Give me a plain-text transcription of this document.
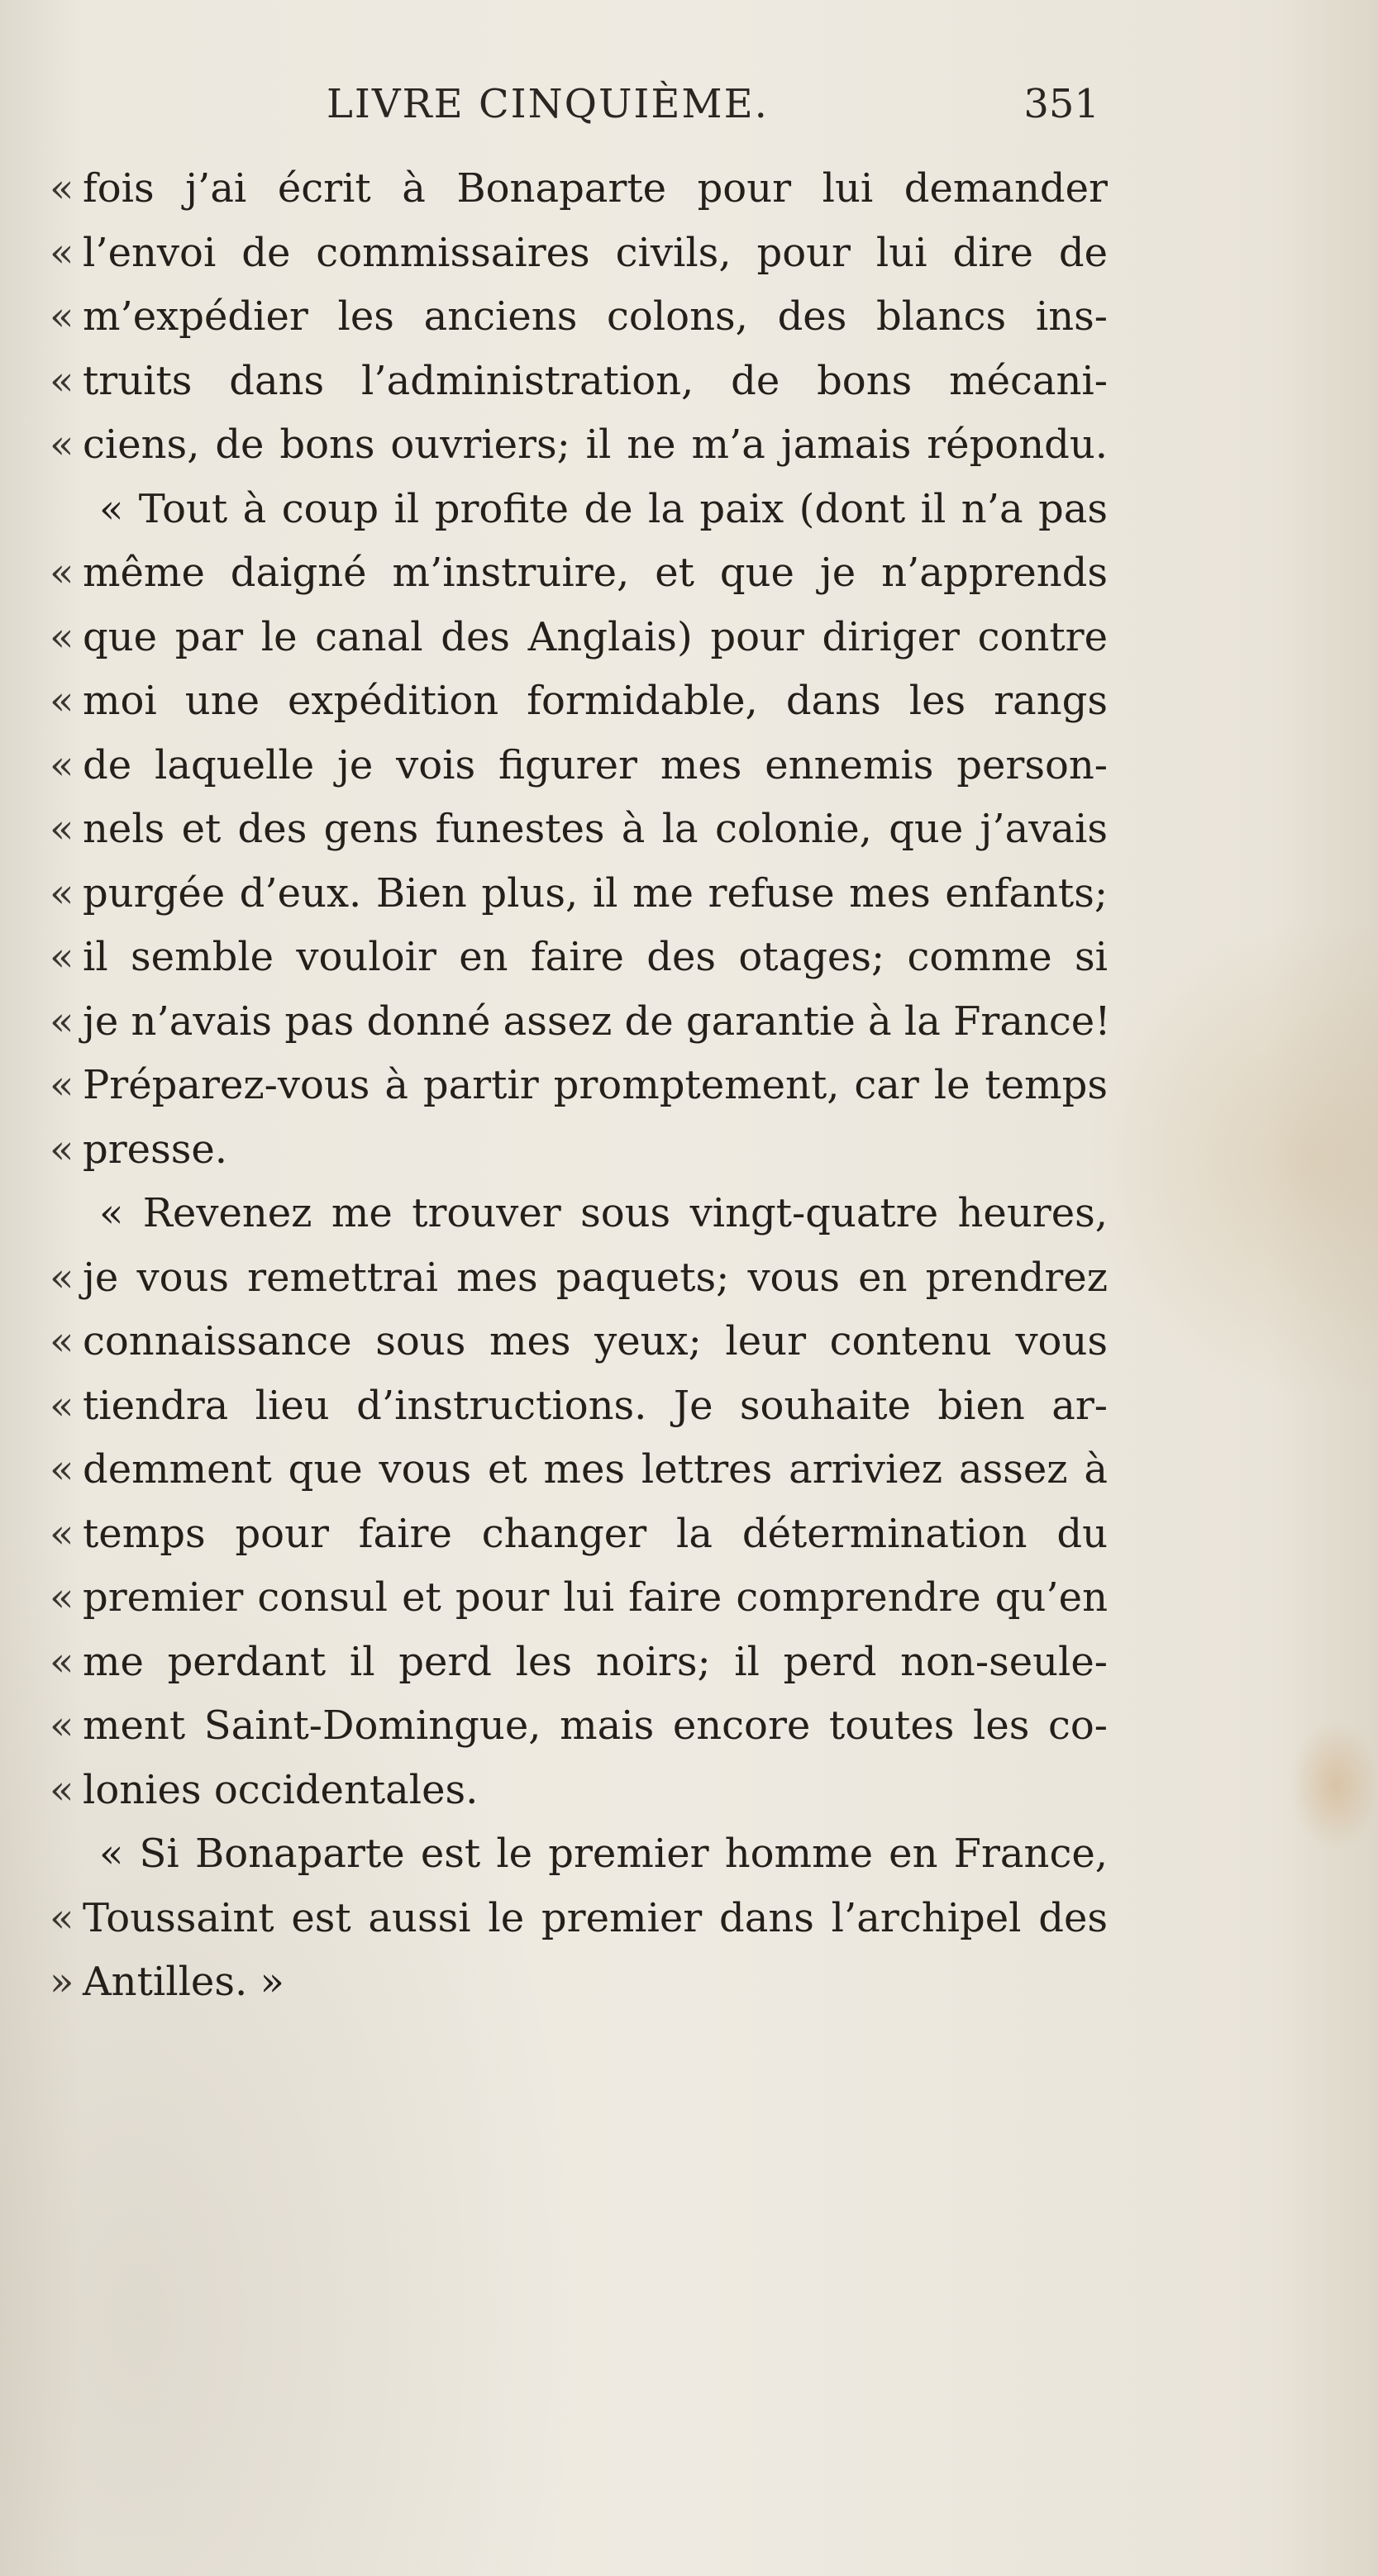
LIVRE CINQUIÈME.	351
« fois j’ai écrit à Bonaparte pour lui demander
« l’envoi de commissaires civils, pour lui dire de
« m’expédier les anciens colons, des blancs ins-
« truits dans l’administration, de bons mécani-
« ciens, de bons ouvriers; il ne m’a jamais répondu.
« Tout à coup il profite de la paix (dont il n’a pas
« même daigné m’instruire, et que je n’apprends
« que par le canal des Anglais) pour diriger contre
« moi une expédition formidable, dans les rangs
« de laquelle je vois figurer mes ennemis person-
« nels et des gens funestes à la colonie, que j’avais
« purgée d’eux. Bien plus, il me refuse mes enfants;
« il semble vouloir en faire des otages; comme si
« je n’avais pas donné assez de garantie à la France!
« Préparez-vous à partir promptement, car le temps
« presse.
« Revenez me trouver sous vingt-quatre heures,
« je vous remettrai mes paquets; vous en prendrez
« connaissance sous mes yeux; leur contenu vous
« tiendra lieu d’instructions. Je souhaite bien ar-
« demment que vous et mes lettres arriviez assez à
« temps pour faire changer la détermination du
« premier consul et pour lui faire comprendre qu’en
« me perdant il perd les noirs; il perd non-seule-
« ment Saint-Domingue, mais encore toutes les co-
« lonies occidentales.
« Si Bonaparte est le premier homme en France,
« Toussaint est aussi le premier dans l’archipel des
» Antilles. »
